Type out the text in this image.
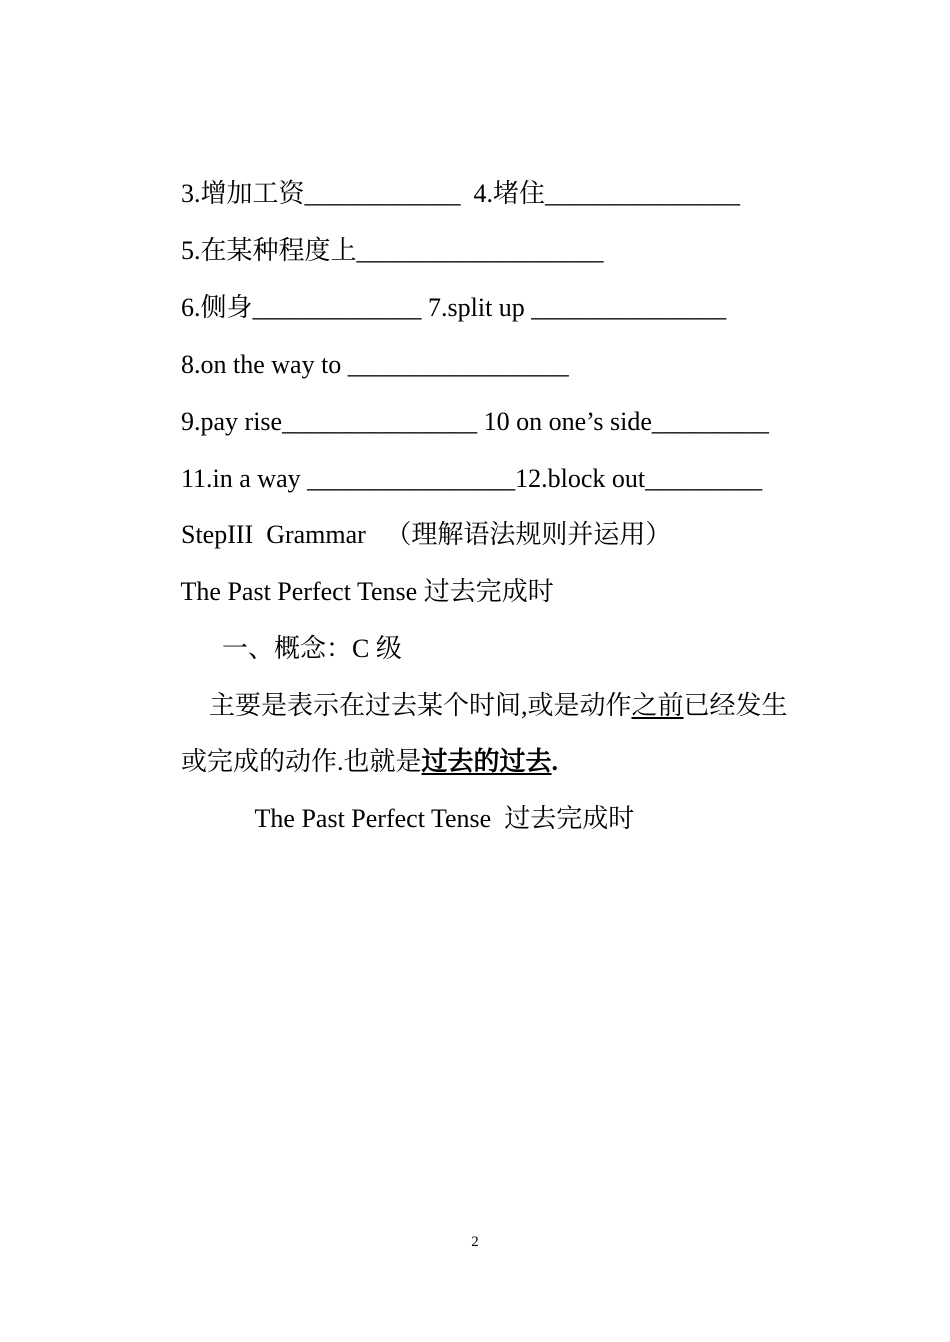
3.增加工资____________ 4.堵住_______________

5.在某种程度上___________________

6.侧身_____________ 7.split up _______________

8.on the way to _________________

9.pay rise_______________ 10 on one’s side_________

11.in a way ________________12.block out_________

StepIII  Grammar （理解语法规则并运用）

The Past Perfect Tense 过去完成时

一、概念：C 级

主要是表示在过去某个时间,或是动作之前已经发生

或完成的动作.也就是过去的过去.

The Past Perfect Tense  过去完成时

2
